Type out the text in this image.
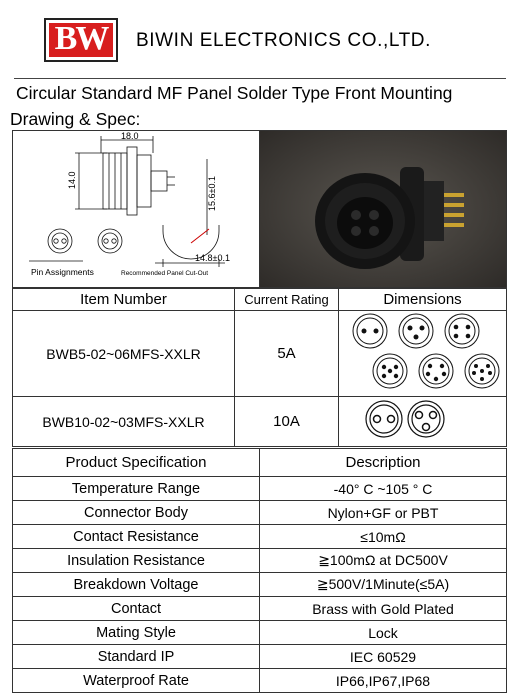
BW	BIWIN ELECTRONICS CO.,LTD.
Circular Standard MF Panel Solder Type Front Mounting
Drawing & Spec:
18.0
14.0	15.6±0.1
14.8±0.1
Pin Assignments	Recommended Panel Cut-Out
Item Number	Current Rating	Dimensions
BWB5-02~06MFS-XXLR	5A	
BWB10-02~03MFS-XXLR	10A	
Product Specification	Description
Temperature Range	-40° C ~105 ° C
Connector Body	Nylon+GF or PBT
Contact Resistance	≤10mΩ
Insulation Resistance	≧100mΩ at DC500V
Breakdown Voltage	≧500V/1Minute(≤5A)
Contact	Brass with Gold Plated
Mating Style	Lock
Standard IP	IEC 60529
Waterproof Rate	IP66,IP67,IP68
